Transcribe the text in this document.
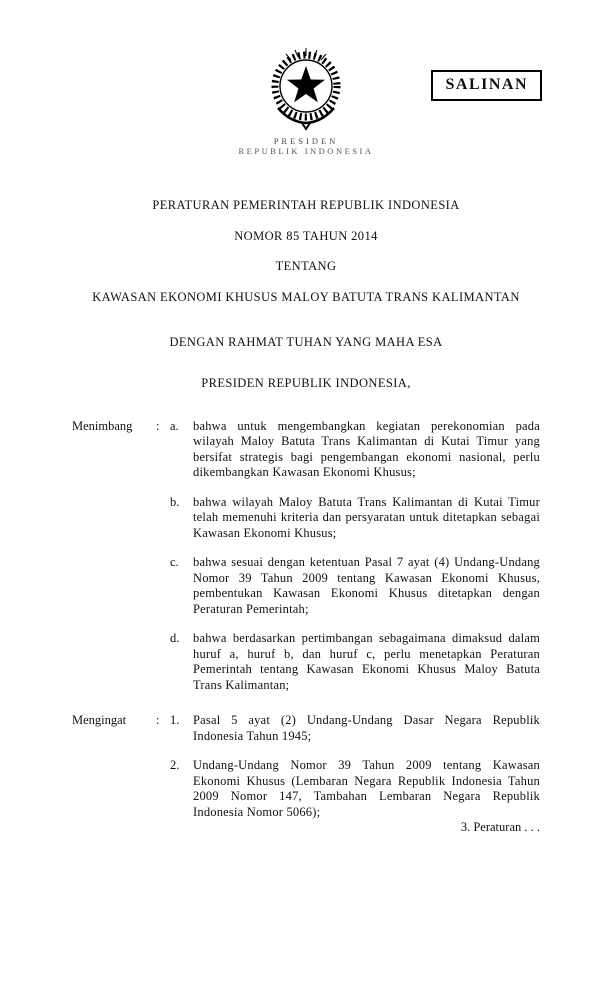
SALINAN
PRESIDEN
REPUBLIK INDONESIA

PERATURAN PEMERINTAH REPUBLIK INDONESIA

NOMOR 85 TAHUN 2014

TENTANG

KAWASAN EKONOMI KHUSUS MALOY BATUTA TRANS KALIMANTAN

DENGAN RAHMAT TUHAN YANG MAHA ESA

PRESIDEN REPUBLIK INDONESIA,

Menimbang	: a.	bahwa untuk mengembangkan kegiatan perekonomian pada wilayah Maloy Batuta Trans Kalimantan di Kutai Timur yang bersifat strategis bagi pengembangan ekonomi nasional, perlu dikembangkan Kawasan Ekonomi Khusus;
b.	bahwa wilayah Maloy Batuta Trans Kalimantan di Kutai Timur telah memenuhi kriteria dan persyaratan untuk ditetapkan sebagai Kawasan Ekonomi Khusus;
c.	bahwa sesuai dengan ketentuan Pasal 7 ayat (4) Undang-Undang Nomor 39 Tahun 2009 tentang Kawasan Ekonomi Khusus, pembentukan Kawasan Ekonomi Khusus ditetapkan dengan Peraturan Pemerintah;
d.	bahwa berdasarkan pertimbangan sebagaimana dimaksud dalam huruf a, huruf b, dan huruf c, perlu menetapkan Peraturan Pemerintah tentang Kawasan Ekonomi Khusus Maloy Batuta Trans Kalimantan;
Mengingat	: 1.	Pasal 5 ayat (2) Undang-Undang Dasar Negara Republik Indonesia Tahun 1945;
2.	Undang-Undang Nomor 39 Tahun 2009 tentang Kawasan Ekonomi Khusus (Lembaran Negara Republik Indonesia Tahun 2009 Nomor 147, Tambahan Lembaran Negara Republik Indonesia Nomor 5066);
3. Peraturan . . .
